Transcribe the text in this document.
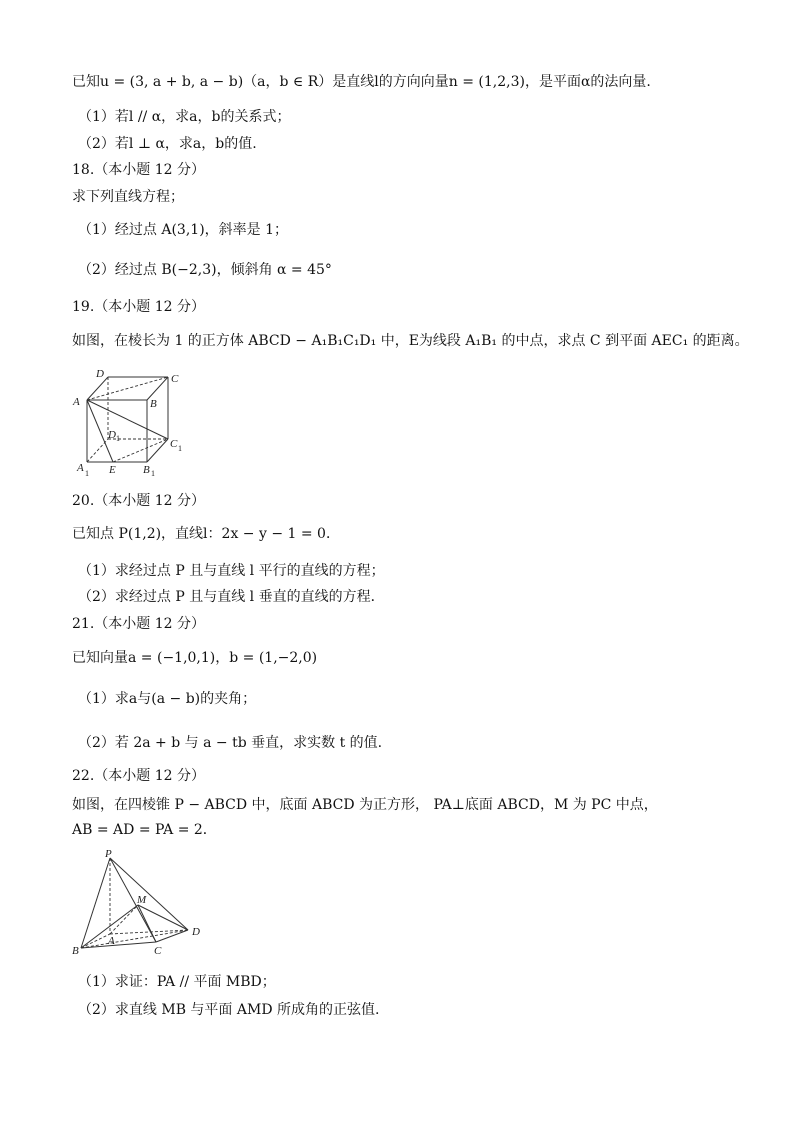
已知u = (3, a + b, a − b)（a，b ∈ R）是直线l的方向向量n = (1,2,3)，是平面α的法向量.
（1）若l // α，求a，b的关系式；
（2）若l ⊥ α，求a，b的值.
18.（本小题 12 分）
求下列直线方程；
（1）经过点 A(3,1)，斜率是 1；
（2）经过点 B(−2,3)，倾斜角 α = 45°
19.（本小题 12 分）
如图，在棱长为 1 的正方体 ABCD − A₁B₁C₁D₁ 中，E为线段 A₁B₁ 的中点，求点 C 到平面 AEC₁ 的距离。
D	C
A	B
D 1	C 1
A 1 E B 1
20.（本小题 12 分）
已知点 P(1,2)，直线l：2x − y − 1 = 0．
（1）求经过点 P 且与直线 l 平行的直线的方程；
（2）求经过点 P 且与直线 l 垂直的直线的方程．
21.（本小题 12 分）
已知向量a = (−1,0,1)，b = (1,−2,0)
（1）求a与(a − b)的夹角；
（2）若 2a + b 与 a − tb 垂直，求实数 t 的值.
22.（本小题 12 分）
如图，在四棱锥 P − ABCD 中，底面 ABCD 为正方形， PA⊥底面 ABCD，M 为 PC 中点，
AB = AD = PA = 2．
P
M
A
B	C
D
（1）求证：PA // 平面 MBD；
（2）求直线 MB 与平面 AMD 所成角的正弦值.
